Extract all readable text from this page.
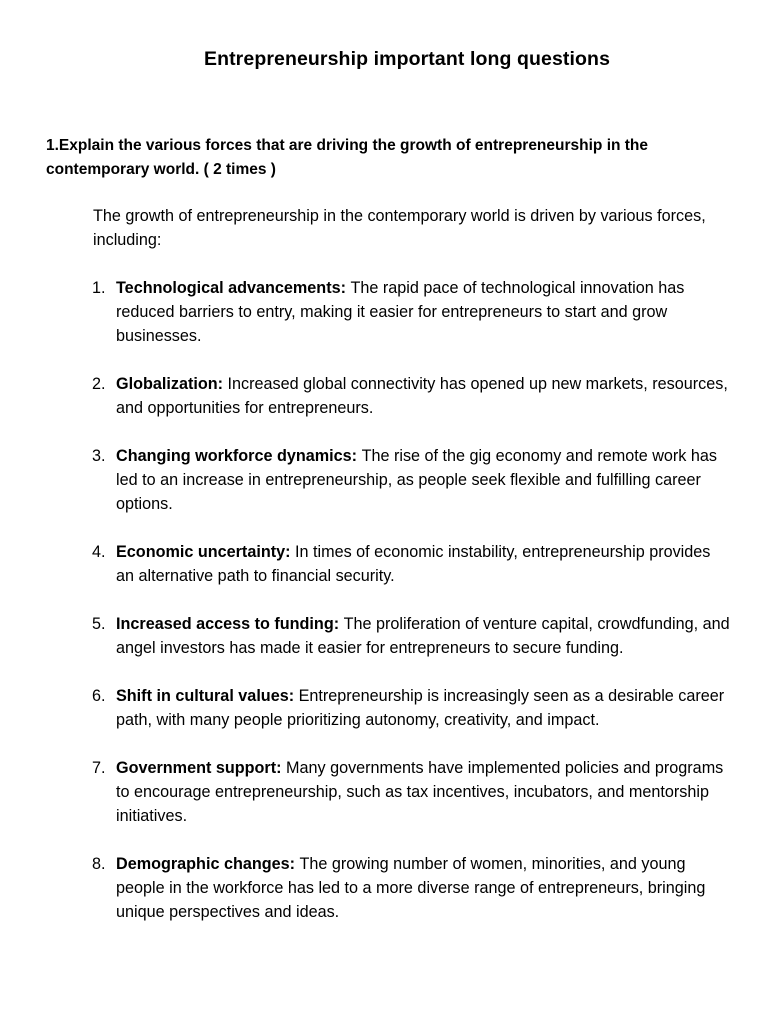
Entrepreneurship important long questions
1.Explain the various forces that are driving the growth of entrepreneurship in the contemporary world. ( 2 times )
The growth of entrepreneurship in the contemporary world is driven by various forces, including:
1. Technological advancements: The rapid pace of technological innovation has reduced barriers to entry, making it easier for entrepreneurs to start and grow businesses.
2. Globalization: Increased global connectivity has opened up new markets, resources, and opportunities for entrepreneurs.
3. Changing workforce dynamics: The rise of the gig economy and remote work has led to an increase in entrepreneurship, as people seek flexible and fulfilling career options.
4. Economic uncertainty: In times of economic instability, entrepreneurship provides an alternative path to financial security.
5. Increased access to funding: The proliferation of venture capital, crowdfunding, and angel investors has made it easier for entrepreneurs to secure funding.
6. Shift in cultural values: Entrepreneurship is increasingly seen as a desirable career path, with many people prioritizing autonomy, creativity, and impact.
7. Government support: Many governments have implemented policies and programs to encourage entrepreneurship, such as tax incentives, incubators, and mentorship initiatives.
8. Demographic changes: The growing number of women, minorities, and young people in the workforce has led to a more diverse range of entrepreneurs, bringing unique perspectives and ideas.
